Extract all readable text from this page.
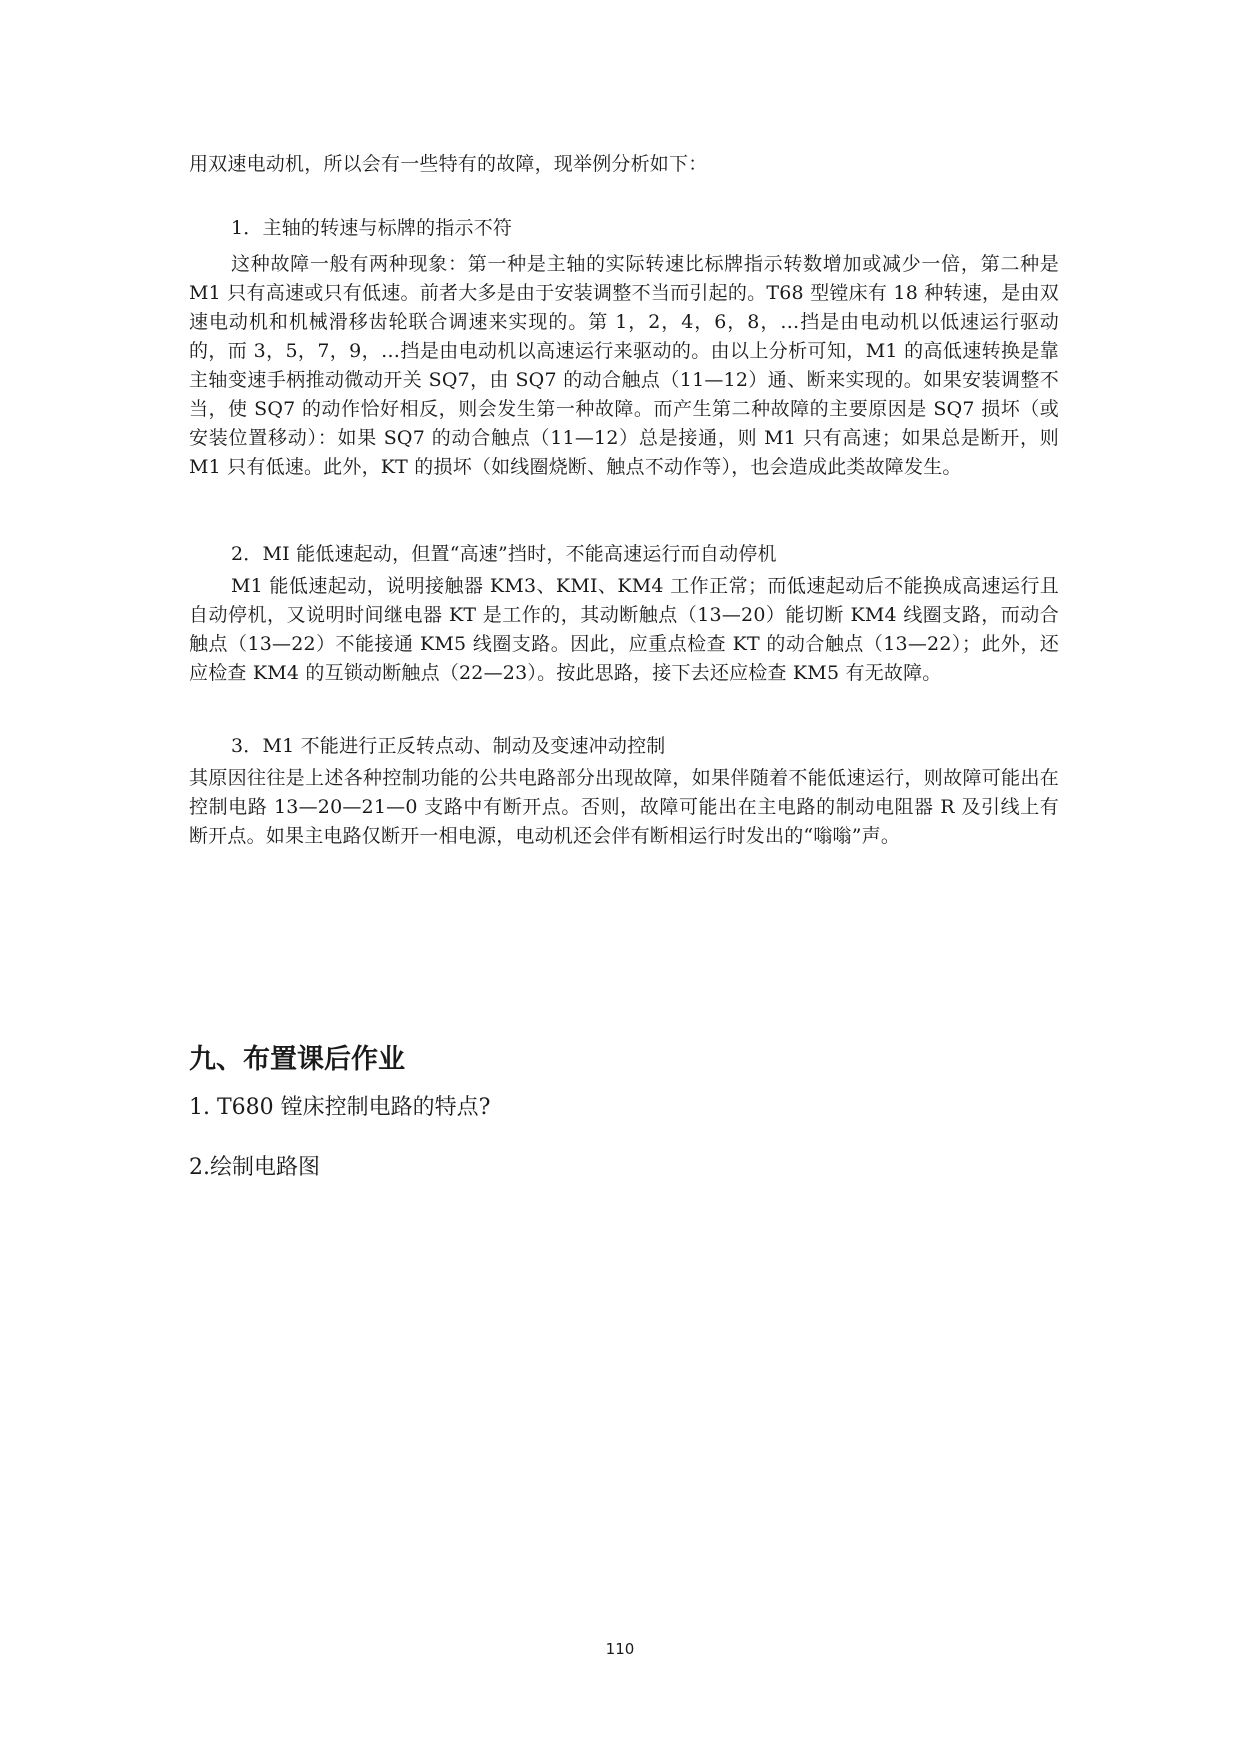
用双速电动机，所以会有一些特有的故障，现举例分析如下：
1．主轴的转速与标牌的指示不符
这种故障一般有两种现象：第一种是主轴的实际转速比标牌指示转数增加或减少一倍，第二种是 M1 只有高速或只有低速。前者大多是由于安装调整不当而引起的。T68 型镗床有 18 种转速，是由双速电动机和机械滑移齿轮联合调速来实现的。第 1，2，4，6，8，…挡是由电动机以低速运行驱动的，而 3，5，7，9，…挡是由电动机以高速运行来驱动的。由以上分析可知，M1 的高低速转换是靠主轴变速手柄推动微动开关 SQ7，由 SQ7 的动合触点（11—12）通、断来实现的。如果安装调整不当，使 SQ7 的动作恰好相反，则会发生第一种故障。而产生第二种故障的主要原因是 SQ7 损坏（或安装位置移动）：如果 SQ7 的动合触点（11—12）总是接通，则 M1 只有高速；如果总是断开，则 M1 只有低速。此外，KT 的损坏（如线圈烧断、触点不动作等），也会造成此类故障发生。
2．MI 能低速起动，但置“高速”挡时，不能高速运行而自动停机
M1 能低速起动，说明接触器 KM3、KMI、KM4 工作正常；而低速起动后不能换成高速运行且自动停机，又说明时间继电器 KT 是工作的，其动断触点（13—20）能切断 KM4 线圈支路，而动合触点（13—22）不能接通 KM5 线圈支路。因此，应重点检查 KT 的动合触点（13—22）；此外，还应检查 KM4 的互锁动断触点（22—23）。按此思路，接下去还应检查 KM5 有无故障。
3．M1 不能进行正反转点动、制动及变速冲动控制
其原因往往是上述各种控制功能的公共电路部分出现故障，如果伴随着不能低速运行，则故障可能出在控制电路 13—20—21—0 支路中有断开点。否则，故障可能出在主电路的制动电阻器 R 及引线上有断开点。如果主电路仅断开一相电源，电动机还会伴有断相运行时发出的“嗡嗡”声。
九、布置课后作业
1. T680 镗床控制电路的特点?
2.绘制电路图
110
